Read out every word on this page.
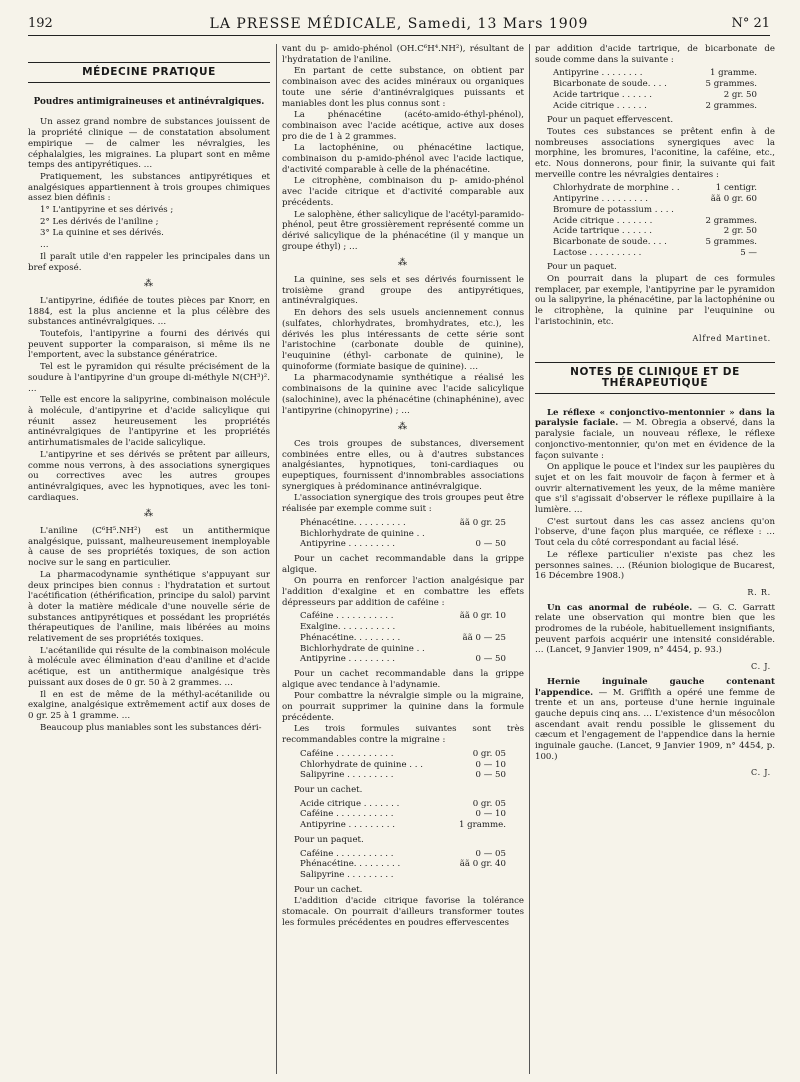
192	LA PRESSE MÉDICALE, Samedi, 13 Mars 1909	N° 21
MÉDECINE PRATIQUE
Poudres antimigraineuses et antinévralgiques.

Un assez grand nombre de substances jouissent de la propriété clinique — de constatation absolument empirique — de calmer les névralgies, les céphalalgies, les migraines. La plupart sont en même temps des antipyrétiques. …

Pratiquement, les substances antipyrétiques et analgésiques appartiennent à trois groupes chimiques assez bien définis :

1° L'antipyrine et ses dérivés ;

2° Les dérivés de l'aniline ;

3° La quinine et ses dérivés.

…

Il paraît utile d'en rappeler les principales dans un bref exposé.

⁂

L'antipyrine, édifiée de toutes pièces par Knorr, en 1884, est la plus ancienne et la plus célèbre des substances antinévralgiques. …

Toutefois, l'antipyrine a fourni des dérivés qui peuvent supporter la comparaison, si même ils ne l'emportent, avec la substance génératrice.

Tel est le pyramidon qui résulte précisément de la soudure à l'antipyrine d'un groupe di-méthyle N(CH³)². …

Telle est encore la salipyrine, combinaison molécule à molécule, d'antipyrine et d'acide salicylique qui réunit assez heureusement les propriétés antinévralgiques de l'antipyrine et les propriétés antirhumatismales de l'acide salicylique.

L'antipyrine et ses dérivés se prêtent par ailleurs, comme nous verrons, à des associations synergiques ou correctives avec les autres groupes antinévralgiques, avec les hypnotiques, avec les toni-cardiaques.

⁂

L'aniline (C⁶H⁵.NH²) est un antithermique analgésique, puissant, malheureusement inemployable à cause de ses propriétés toxiques, de son action nocive sur le sang en particulier.

La pharmacodynamie synthétique s'appuyant sur deux principes bien connus : l'hydratation et surtout l'acétification (éthérification, principe du salol) parvint à doter la matière médicale d'une nouvelle série de substances antipyrétiques et possédant les propriétés thérapeutiques de l'aniline, mais libérées au moins relativement de ses propriétés toxiques.

L'acétanilide qui résulte de la combinaison molécule à molécule avec élimination d'eau d'aniline et d'acide acétique, est un antithermique analgésique très puissant aux doses de 0 gr. 50 à 2 grammes. …

Il en est de même de la méthyl-acétanilide ou exalgine, analgésique extrêmement actif aux doses de 0 gr. 25 à 1 gramme. …

Beaucoup plus maniables sont les substances déri-

vant du p- amido-phénol (OH.C⁶H⁴.NH²), résultant de l'hydratation de l'aniline.

En partant de cette substance, on obtient par combinaison avec des acides minéraux ou organiques toute une série d'antinévralgiques puissants et maniables dont les plus connus sont :

La phénacétine (acéto-amido-éthyl-phénol), combinaison avec l'acide acétique, active aux doses pro die de 1 à 2 grammes.

La lactophénine, ou phénacétine lactique, combinaison du p-amido-phénol avec l'acide lactique, d'activité comparable à celle de la phénacétine.

Le citrophène, combinaison du p- amido-phénol avec l'acide citrique et d'activité comparable aux précédents.

Le salophène, éther salicylique de l'acétyl-paramido-phénol, peut être grossièrement représenté comme un dérivé salicylique de la phénacétine (il y manque un groupe éthyl) ; …

⁂

La quinine, ses sels et ses dérivés fournissent le troisième grand groupe des antipyrétiques, antinévralgiques.

En dehors des sels usuels anciennement connus (sulfates, chlorhydrates, bromhydrates, etc.), les dérivés les plus intéressants de cette série sont l'aristochine (carbonate double de quinine), l'euquinine (éthyl- carbonate de quinine), le quinoforme (formiate basique de quinine). …

La pharmacodynamie synthétique a réalisé les combinaisons de la quinine avec l'acide salicylique (salochinine), avec la phénacétine (chinaphénine), avec l'antipyrine (chinopyrine) ; …

⁂

Ces trois groupes de substances, diversement combinées entre elles, ou à d'autres substances analgésiantes, hypnotiques, toni-cardiaques ou eupeptiques, fournissent d'innombrables associations synergiques à prédominance antinévralgique.

L'association synergique des trois groupes peut être réalisée par exemple comme suit :

Phénacétine. . . . . . . . . .	ãã 0 gr. 25
Bichlorhydrate de quinine . .
Antipyrine . . . . . . . . .	0 — 50

Pour un cachet recommandable dans la grippe algique.

On pourra en renforcer l'action analgésique par l'addition d'exalgine et en combattre les effets dépresseurs par addition de caféine :

Caféine . . . . . . . . . . .	ãã 0 gr. 10
Exalgine. . . . . . . . . . .
Phénacétine. . . . . . . . .	ãã 0 — 25
Bichlorhydrate de quinine . .
Antipyrine . . . . . . . . .	0 — 50

Pour un cachet recommandable dans la grippe algique avec tendance à l'adynamie.

Pour combattre la névralgie simple ou la migraine, on pourrait supprimer la quinine dans la formule précédente.

Les trois formules suivantes sont très recommandables contre la migraine :

Caféine . . . . . . . . . . .	0 gr. 05
Chlorhydrate de quinine . . .	0 — 10
Salipyrine . . . . . . . . .	0 — 50

Pour un cachet.

Acide citrique . . . . . . .	0 gr. 05
Caféine . . . . . . . . . . .	0 — 10
Antipyrine . . . . . . . . .	1 gramme.

Pour un paquet.

Caféine . . . . . . . . . . .	0 — 05
Phénacétine. . . . . . . . .	ãã 0 gr. 40
Salipyrine . . . . . . . . .

Pour un cachet.

L'addition d'acide citrique favorise la tolérance stomacale. On pourrait d'ailleurs transformer toutes les formules précédentes en poudres effervescentes

par addition d'acide tartrique, de bicarbonate de soude comme dans la suivante :

Antipyrine . . . . . . . .	1 gramme.
Bicarbonate de soude. . . .	5 grammes.
Acide tartrique . . . . . .	2 gr. 50
Acide citrique . . . . . .	2 grammes.

Pour un paquet effervescent.

Toutes ces substances se prêtent enfin à de nombreuses associations synergiques avec la morphine, les bromures, l'aconitine, la caféine, etc., etc. Nous donnerons, pour finir, la suivante qui fait merveille contre les névralgies dentaires :

Chlorhydrate de morphine . .	1 centigr.
Antipyrine . . . . . . . . .	ãã 0 gr. 60
Bromure de potassium . . . .
Acide citrique . . . . . . .	2 grammes.
Acide tartrique . . . . . .	2 gr. 50
Bicarbonate de soude. . . .	5 grammes.
Lactose . . . . . . . . . .	5 —

Pour un paquet.

On pourrait dans la plupart de ces formules remplacer, par exemple, l'antipyrine par le pyramidon ou la salipyrine, la phénacétine, par la lactophénine ou le citrophène, la quinine par l'euquinine ou l'aristochinin, etc.

Alfred Martinet.
NOTES DE CLINIQUE ET DE THÉRAPEUTIQUE

Le réflexe « conjonctivo-mentonnier » dans la paralysie faciale. — M. Obregia a observé, dans la paralysie faciale, un nouveau réflexe, le réflexe conjonctivo-mentonnier, qu'on met en évidence de la façon suivante :

On applique le pouce et l'index sur les paupières du sujet et on les fait mouvoir de façon à fermer et à ouvrir alternativement les yeux, de la même manière que s'il s'agissait d'observer le réflexe pupillaire à la lumière. …

C'est surtout dans les cas assez anciens qu'on l'observe, d'une façon plus marquée, ce réflexe : … Tout cela du côté correspondant au facial lésé.

Le réflexe particulier n'existe pas chez les personnes saines. … (Réunion biologique de Bucarest, 16 Décembre 1908.)

R. R.

Un cas anormal de rubéole. — G. C. Garratt relate une observation qui montre bien que les prodromes de la rubéole, habituellement insignifiants, peuvent parfois acquérir une intensité considérable. … (Lancet, 9 Janvier 1909, n° 4454, p. 93.)

C. J.

Hernie inguinale gauche contenant l'appendice. — M. Griffith a opéré une femme de trente et un ans, porteuse d'une hernie inguinale gauche depuis cinq ans. … L'existence d'un mésocôlon ascendant avait rendu possible le glissement du cæcum et l'engagement de l'appendice dans la hernie inguinale gauche. (Lancet, 9 Janvier 1909, n° 4454, p. 100.)

C. J.
